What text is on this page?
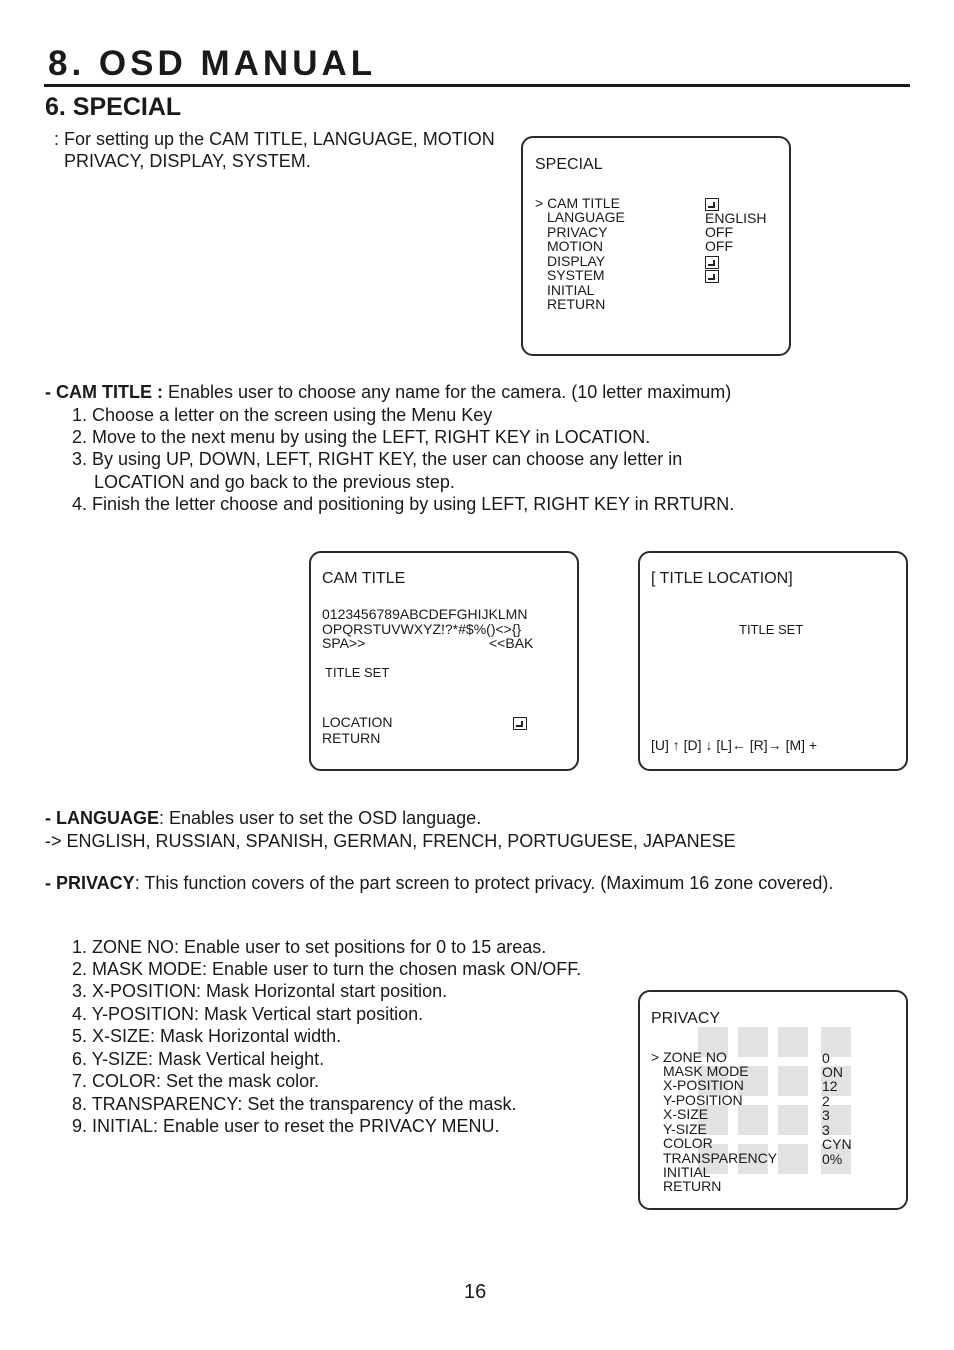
8. OSD MANUAL
6. SPECIAL
: For setting up the CAM TITLE, LANGUAGE, MOTION
PRIVACY, DISPLAY, SYSTEM.	SPECIAL
> CAM TITLE
LANGUAGE
PRIVACY
MOTION
DISPLAY
SYSTEM
INITIAL
RETURN
ENGLISH
OFF
OFF
- CAM TITLE : Enables user to choose any name for the camera. (10 letter maximum)
1. Choose a letter on the screen using the Menu Key
2. Move to the next menu by using the LEFT, RIGHT KEY in LOCATION.
3. By using UP, DOWN, LEFT, RIGHT KEY, the user can choose any letter in
LOCATION and go back to the previous step.
4. Finish the letter choose and positioning by using LEFT, RIGHT KEY in RRTURN.
CAM TITLE
0123456789ABCDEFGHIJKLMN
OPQRSTUVWXYZ!?*#$%()<>{}
SPA>>	<<BAK
TITLE SET
LOCATION
RETURN
[ TITLE LOCATION]
TITLE SET
[U] ↑ [D] ↓ [L]← [R]→ [M] +
- LANGUAGE: Enables user to set the OSD language.
-> ENGLISH, RUSSIAN, SPANISH, GERMAN, FRENCH, PORTUGUESE, JAPANESE
- PRIVACY: This function covers of the part screen to protect privacy. (Maximum 16 zone covered).
1. ZONE NO: Enable user to set positions for 0 to 15 areas.
2. MASK MODE: Enable user to turn the chosen mask ON/OFF.
3. X-POSITION: Mask Horizontal start position.
4. Y-POSITION: Mask Vertical start position.
5. X-SIZE: Mask Horizontal width.
6. Y-SIZE: Mask Vertical height.
7. COLOR: Set the mask color.
8. TRANSPARENCY: Set the transparency of the mask.
9. INITIAL: Enable user to reset the PRIVACY MENU.
PRIVACY
> ZONE NO
MASK MODE
X-POSITION
Y-POSITION
X-SIZE
Y-SIZE
COLOR
TRANSPARENCY
INITIAL
RETURN
0
ON
12
2
3
3
CYN
0%
16
